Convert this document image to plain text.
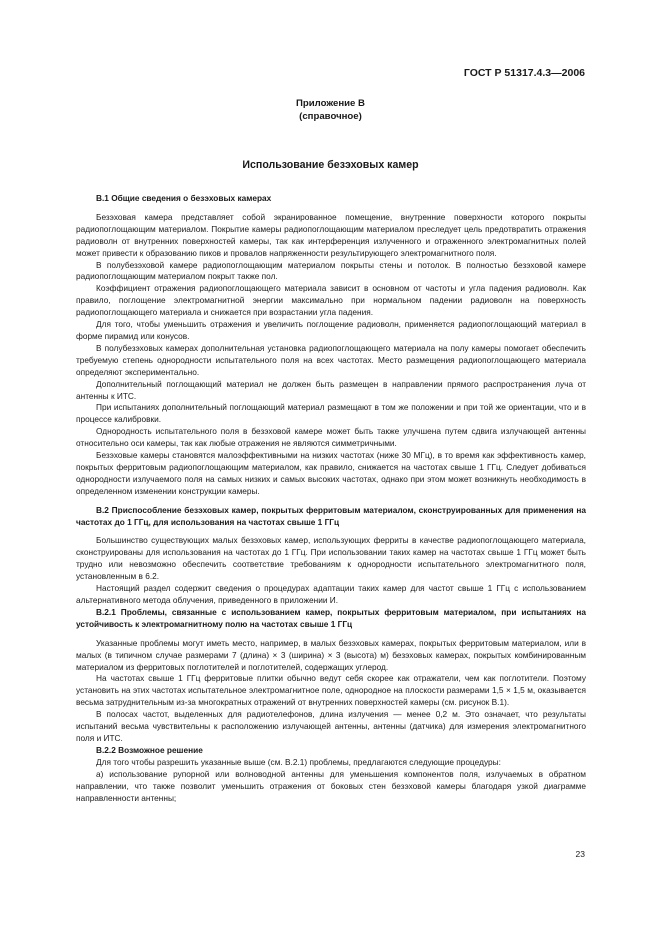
ГОСТ Р 51317.4.3—2006
Приложение В
(справочное)
Использование безэховых камер
В.1 Общие сведения о безэховых камерах

Безэховая камера представляет собой экранированное помещение, внутренние поверхности которого покрыты радиопоглощающим материалом. Покрытие камеры радиопоглощающим материалом преследует цель предотвратить отражения радиоволн от внутренних поверхностей камеры, так как интерференция излученного и отраженного электромагнитных полей может привести к образованию пиков и провалов напряженности результирующего электромагнитного поля.

В полубезэховой камере радиопоглощающим материалом покрыты стены и потолок. В полностью безэховой камере радиопоглощающим материалом покрыт также пол.

Коэффициент отражения радиопоглощающего материала зависит в основном от частоты и угла падения радиоволн. Как правило, поглощение электромагнитной энергии максимально при нормальном падении радиоволн на поверхность радиопоглощающего материала и снижается при возрастании угла падения.

Для того, чтобы уменьшить отражения и увеличить поглощение радиоволн, применяется радиопоглощающий материал в форме пирамид или конусов.

В полубезэховых камерах дополнительная установка радиопоглощающего материала на полу камеры помогает обеспечить требуемую степень однородности испытательного поля на всех частотах. Место размещения радиопоглощающего материала определяют экспериментально.

Дополнительный поглощающий материал не должен быть размещен в направлении прямого распространения луча от антенны к ИТС.

При испытаниях дополнительный поглощающий материал размещают в том же положении и при той же ориентации, что и в процессе калибровки.

Однородность испытательного поля в безэховой камере может быть также улучшена путем сдвига излучающей антенны относительно оси камеры, так как любые отражения не являются симметричными.

Безэховые камеры становятся малоэффективными на низких частотах (ниже 30 МГц), в то время как эффективность камер, покрытых ферритовым радиопоглощающим материалом, как правило, снижается на частотах свыше 1 ГГц. Следует добиваться однородности излучаемого поля на самых низких и самых высоких частотах, однако при этом может возникнуть необходимость в определенном изменении конструкции камеры.

В.2 Приспособление безэховых камер, покрытых ферритовым материалом, сконструированных для применения на частотах до 1 ГГц, для использования на частотах свыше 1 ГГц

Большинство существующих малых безэховых камер, использующих ферриты в качестве радиопоглощающего материала, сконструированы для использования на частотах до 1 ГГц. При использовании таких камер на частотах свыше 1 ГГц может быть трудно или невозможно обеспечить соответствие требованиям к однородности испытательного электромагнитного поля, установленным в 6.2.

Настоящий раздел содержит сведения о процедурах адаптации таких камер для частот свыше 1 ГГц с использованием альтернативного метода облучения, приведенного в приложении И.

В.2.1 Проблемы, связанные с использованием камер, покрытых ферритовым материалом, при испытаниях на устойчивость к электромагнитному полю на частотах свыше 1 ГГц

Указанные проблемы могут иметь место, например, в малых безэховых камерах, покрытых ферритовым материалом, или в малых (в типичном случае размерами 7 (длина) × 3 (ширина) × 3 (высота) м) безэховых камерах, покрытых комбинированным материалом из ферритовых поглотителей и поглотителей, содержащих углерод.

На частотах свыше 1 ГГц ферритовые плитки обычно ведут себя скорее как отражатели, чем как поглотители. Поэтому установить на этих частотах испытательное электромагнитное поле, однородное на плоскости размерами 1,5 × 1,5 м, оказывается весьма затруднительным из-за многократных отражений от внутренних поверхностей камеры (см. рисунок В.1).

В полосах частот, выделенных для радиотелефонов, длина излучения — менее 0,2 м. Это означает, что результаты испытаний весьма чувствительны к расположению излучающей антенны, антенны (датчика) для измерения электромагнитного поля и ИТС.

В.2.2 Возможное решение

Для того чтобы разрешить указанные выше (см. В.2.1) проблемы, предлагаются следующие процедуры:

а) использование рупорной или волноводной антенны для уменьшения компонентов поля, излучаемых в обратном направлении, что также позволит уменьшить отражения от боковых стен безэховой камеры благодаря узкой диаграмме направленности антенны;

23
